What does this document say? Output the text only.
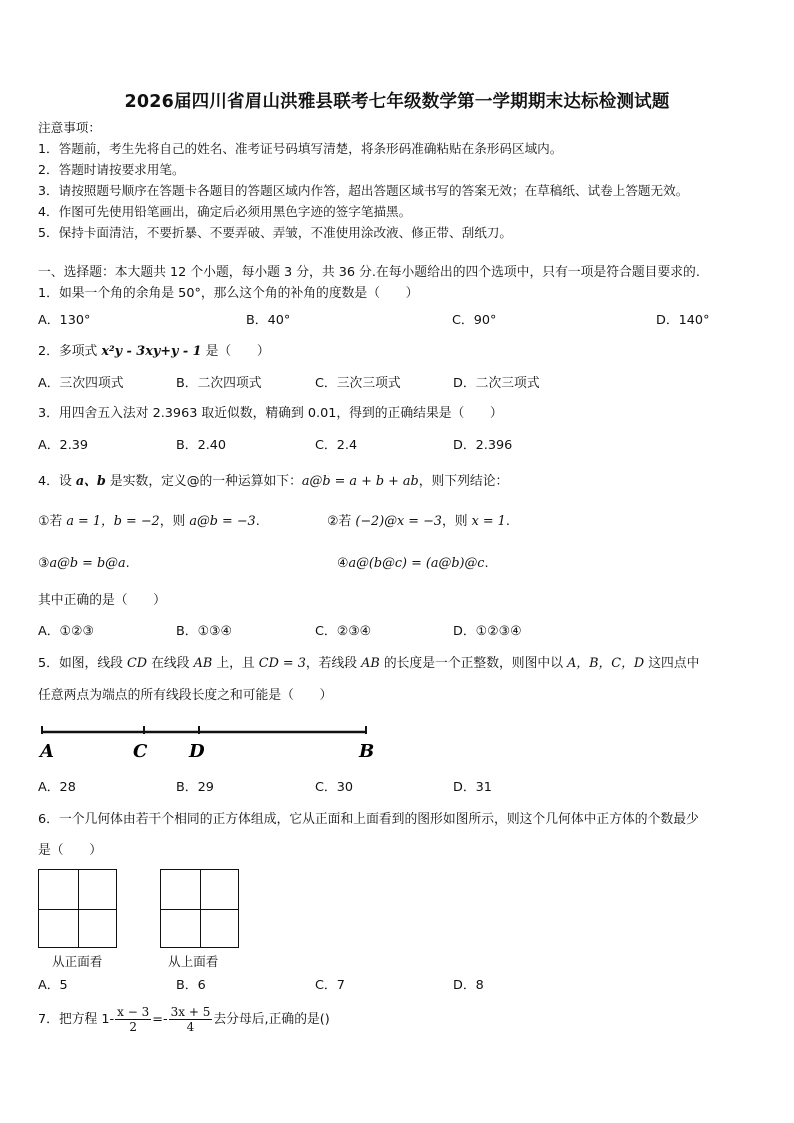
2026届四川省眉山洪雅县联考七年级数学第一学期期末达标检测试题
注意事项：
1．答题前，考生先将自己的姓名、准考证号码填写清楚，将条形码准确粘贴在条形码区域内。
2．答题时请按要求用笔。
3．请按照题号顺序在答题卡各题目的答题区域内作答，超出答题区域书写的答案无效；在草稿纸、试卷上答题无效。
4．作图可先使用铅笔画出，确定后必须用黑色字迹的签字笔描黑。
5．保持卡面清洁，不要折暴、不要弄破、弄皱，不准使用涂改液、修正带、刮纸刀。
一、选择题：本大题共 12 个小题，每小题 3 分，共 36 分.在每小题给出的四个选项中，只有一项是符合题目要求的.
1．如果一个角的余角是 50°，那么这个角的补角的度数是（　　）
A．130°	B．40°	C．90°	D．140°
2．多项式 x²y - 3xy+y - 1 是（　　）
A．三次四项式	B．二次四项式	C．三次三项式	D．二次三项式
3．用四舍五入法对 2.3963 取近似数，精确到 0.01，得到的正确结果是（　　）
A．2.39	B．2.40	C．2.4	D．2.396
4．设 a、b 是实数，定义@的一种运算如下：a@b = a + b + ab，则下列结论：
①若 a = 1，b = −2，则 a@b = −3.	②若 (−2)@x = −3，则 x = 1.
③a@b = b@a.	④a@(b@c) = (a@b)@c.
其中正确的是（　　）
A．①②③	B．①③④	C．②③④	D．①②③④
5．如图，线段 CD 在线段 AB 上，且 CD = 3，若线段 AB 的长度是一个正整数，则图中以 A，B，C，D 这四点中
任意两点为端点的所有线段长度之和可能是（　　）
A	C D	B
A．28	B．29	C．30	D．31
6．一个几何体由若干个相同的正方体组成，它从正面和上面看到的图形如图所示，则这个几何体中正方体的个数最少
是（　　）
从正面看	从上面看
A．5	B．6	C．7	D．8
7．把方程 $1- \frac{x - 3}{2} =- \frac{3x + 5}{4}$ 去分母后,正确的是()
